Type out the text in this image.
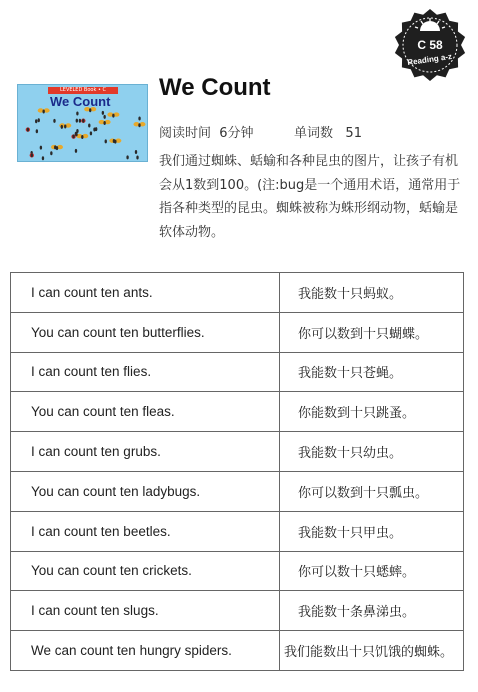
C 58
Reading a-z
LEVELED Book • C
We Count
We Count
阅读时间 6分钟	单词数 51
我们通过蜘蛛、蛞蝓和各种昆虫的图片，让孩子有机会从1数到100。(注:bug是一个通用术语，通常用于指各种类型的昆虫。蜘蛛被称为蛛形纲动物，蛞蝓是软体动物。
I can count ten ants.	我能数十只蚂蚁。
You can count ten butterflies.	你可以数到十只蝴蝶。
I can count ten flies.	我能数十只苍蝇。
You can count ten fleas.	你能数到十只跳蚤。
I can count ten grubs.	我能数十只幼虫。
You can count ten ladybugs.	你可以数到十只瓢虫。
I can count ten beetles.	我能数十只甲虫。
You can count ten crickets.	你可以数十只蟋蟀。
I can count ten slugs.	我能数十条鼻涕虫。
We can count ten hungry spiders.	我们能数出十只饥饿的蜘蛛。
